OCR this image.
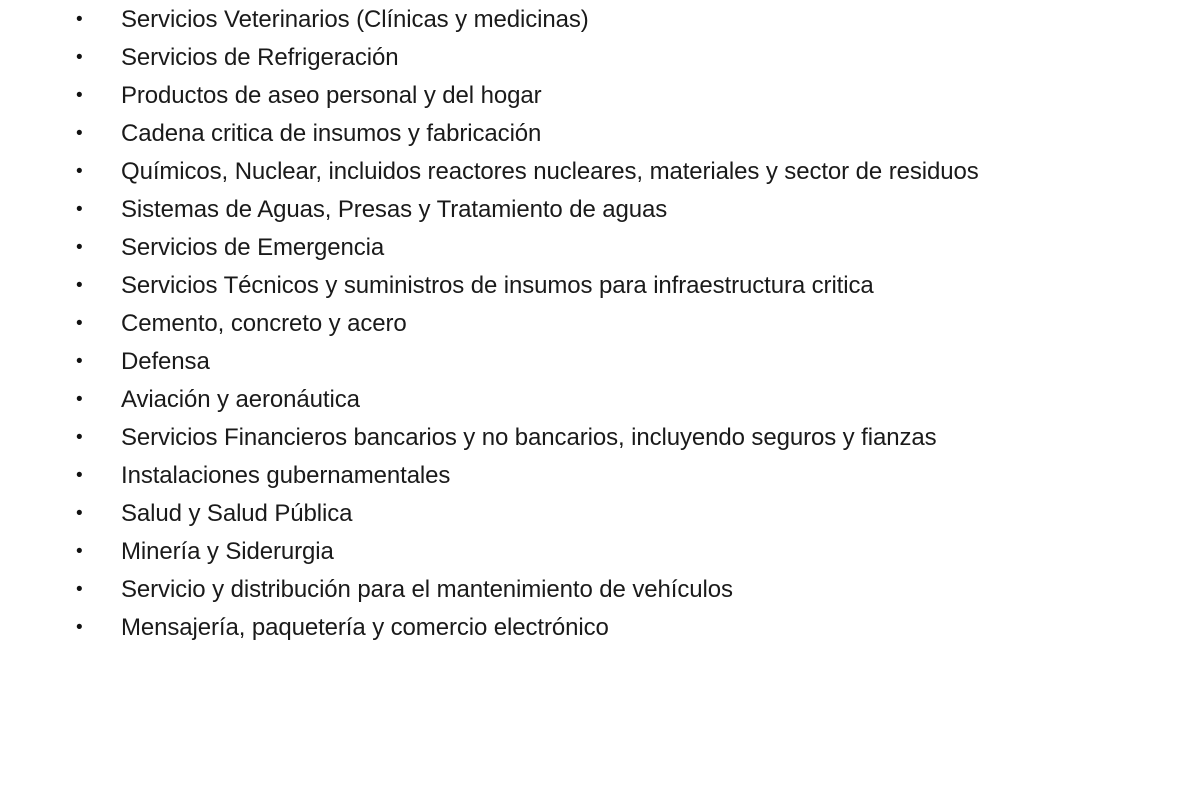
• Servicios Veterinarios (Clínicas y medicinas)
• Servicios de Refrigeración
• Productos de aseo personal y del hogar
• Cadena critica de insumos y fabricación
• Químicos, Nuclear, incluidos reactores nucleares, materiales y sector de residuos
• Sistemas de Aguas, Presas y Tratamiento de aguas
• Servicios de Emergencia
• Servicios Técnicos y suministros de insumos para infraestructura critica
• Cemento, concreto y acero
• Defensa
• Aviación y aeronáutica
• Servicios Financieros bancarios y no bancarios, incluyendo seguros y fianzas
• Instalaciones gubernamentales
• Salud y Salud Pública
• Minería y Siderurgia
• Servicio y distribución para el mantenimiento de vehículos
• Mensajería, paquetería y comercio electrónico
